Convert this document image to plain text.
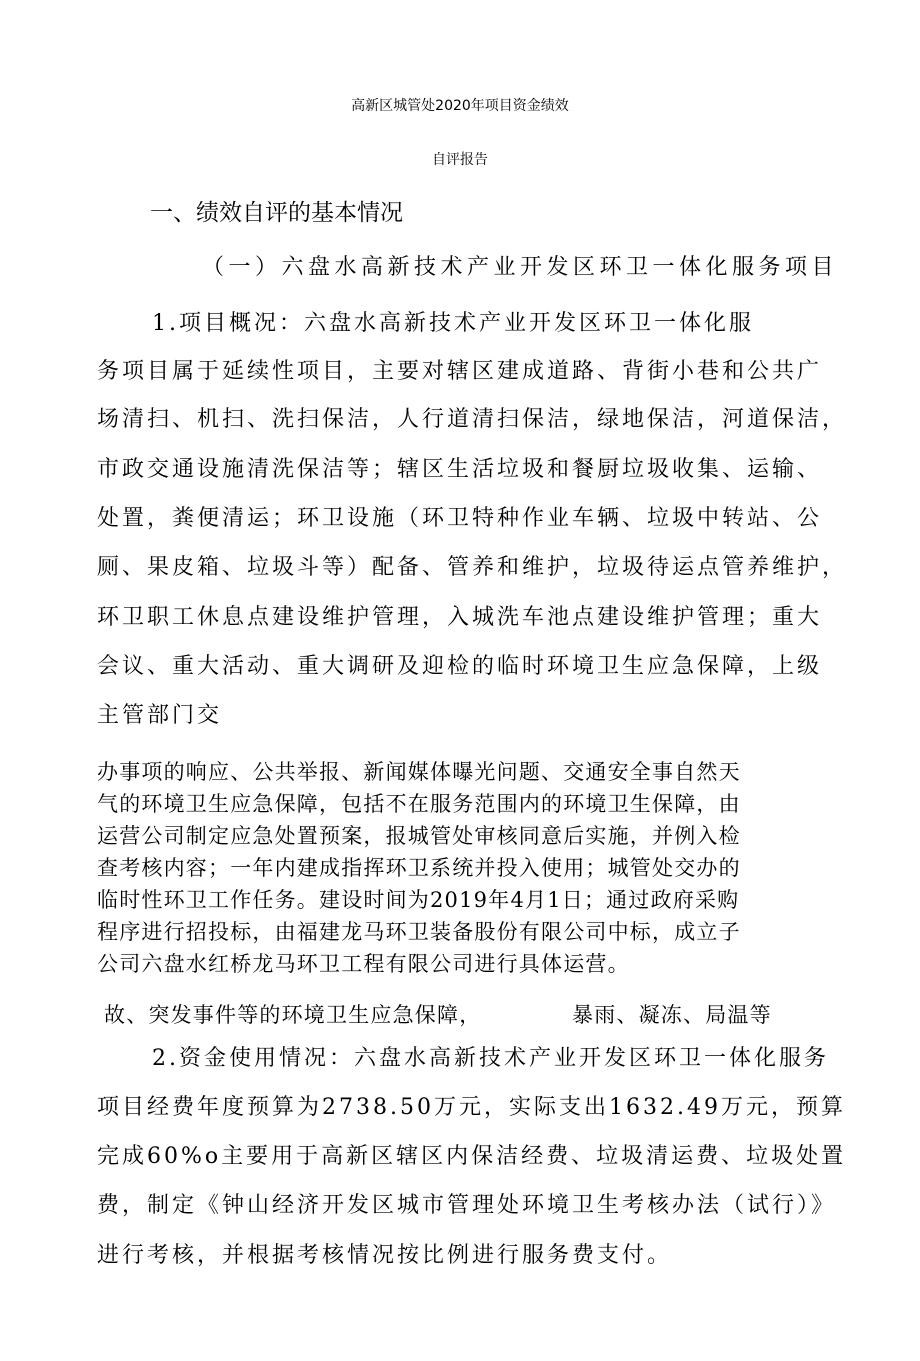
高新区城管处2020年项目资金绩效
自评报告
一、绩效自评的基本情况
（一）六盘水高新技术产业开发区环卫一体化服务项目
1.项目概况：六盘水高新技术产业开发区环卫一体化服
务项目属于延续性项目，主要对辖区建成道路、背街小巷和公共广
场清扫、机扫、洗扫保洁，人行道清扫保洁，绿地保洁，河道保洁，
市政交通设施清洗保洁等；辖区生活垃圾和餐厨垃圾收集、运输、
处置，粪便清运；环卫设施（环卫特种作业车辆、垃圾中转站、公
厕、果皮箱、垃圾斗等）配备、管养和维护，垃圾待运点管养维护，
环卫职工休息点建设维护管理，入城洗车池点建设维护管理；重大
会议、重大活动、重大调研及迎检的临时环境卫生应急保障，上级
主管部门交
办事项的响应、公共举报、新闻媒体曝光问题、交通安全事自然天
气的环境卫生应急保障，包括不在服务范围内的环境卫生保障，由
运营公司制定应急处置预案，报城管处审核同意后实施，并例入检
查考核内容；一年内建成指挥环卫系统并投入使用；城管处交办的
临时性环卫工作任务。建设时间为2019年4月1日；通过政府采购
程序进行招投标，由福建龙马环卫装备股份有限公司中标，成立子
公司六盘水红桥龙马环卫工程有限公司进行具体运营。
故、突发事件等的环境卫生应急保障，	暴雨、凝冻、局温等
2.资金使用情况：六盘水高新技术产业开发区环卫一体化服务
项目经费年度预算为2738.50万元，实际支出1632.49万元，预算
完成60%o主要用于高新区辖区内保洁经费、垃圾清运费、垃圾处置
费，制定《钟山经济开发区城市管理处环境卫生考核办法（试行）》
进行考核，并根据考核情况按比例进行服务费支付。
